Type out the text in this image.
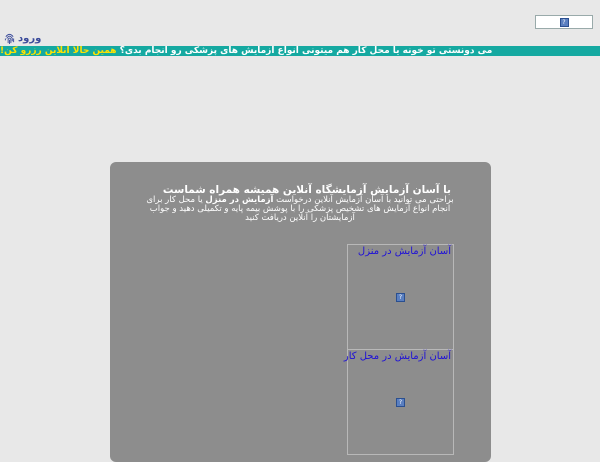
ورود
?
می دونستی تو خونه یا محل کار هم میتونی انواع آزمایش های پزشکی رو انجام بدی؟ همین حالا آنلاین رزرو کن!
با آسان آزمایش آزمایشگاه آنلاین همیشه همراه شماست
براحتی می توانید با آسان آزمایش آنلاین درخواست آزمایش در منزل یا محل کار برای انجام انواع آزمایش های تشخیص پزشکی را با پوشش بیمه پایه و تکمیلی دهید و جواب آزمایشتان را آنلاین دریافت کنید
آسان آزمایش در منزل
?
آسان آزمایش در محل کار
?
